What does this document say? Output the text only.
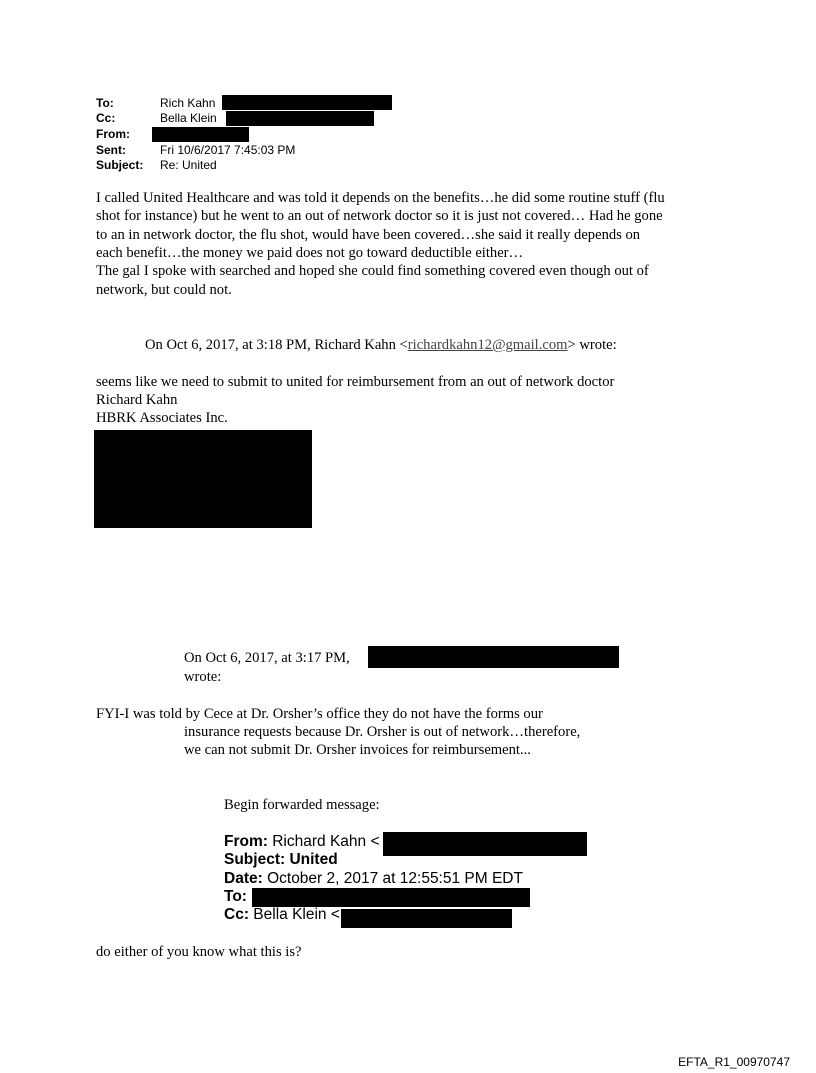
To:	Rich Kahn
Cc:	Bella Klein
From:
Sent:	Fri 10/6/2017 7:45:03 PM
Subject: Re: United
I called United Healthcare and was told it depends on the benefits…he did some routine stuff (flu
shot for instance) but he went to an out of network doctor so it is just not covered… Had he gone
to an in network doctor, the flu shot, would have been covered…she said it really depends on
each benefit…the money we paid does not go toward deductible either…
The gal I spoke with searched and hoped she could find something covered even though out of
network, but could not.
On Oct 6, 2017, at 3:18 PM, Richard Kahn <richardkahn12@gmail.com> wrote:
seems like we need to submit to united for reimbursement from an out of network doctor
Richard Kahn
HBRK Associates Inc.
On Oct 6, 2017, at 3:17 PM,
wrote:
FYI-I was told by Cece at Dr. Orsher’s office they do not have the forms our
insurance requests because Dr. Orsher is out of network…therefore,
we can not submit Dr. Orsher invoices for reimbursement...
Begin forwarded message:
From: Richard Kahn <
Subject: United
Date: October 2, 2017 at 12:55:51 PM EDT
To:
Cc: Bella Klein <
do either of you know what this is?
EFTA_R1_00970747
